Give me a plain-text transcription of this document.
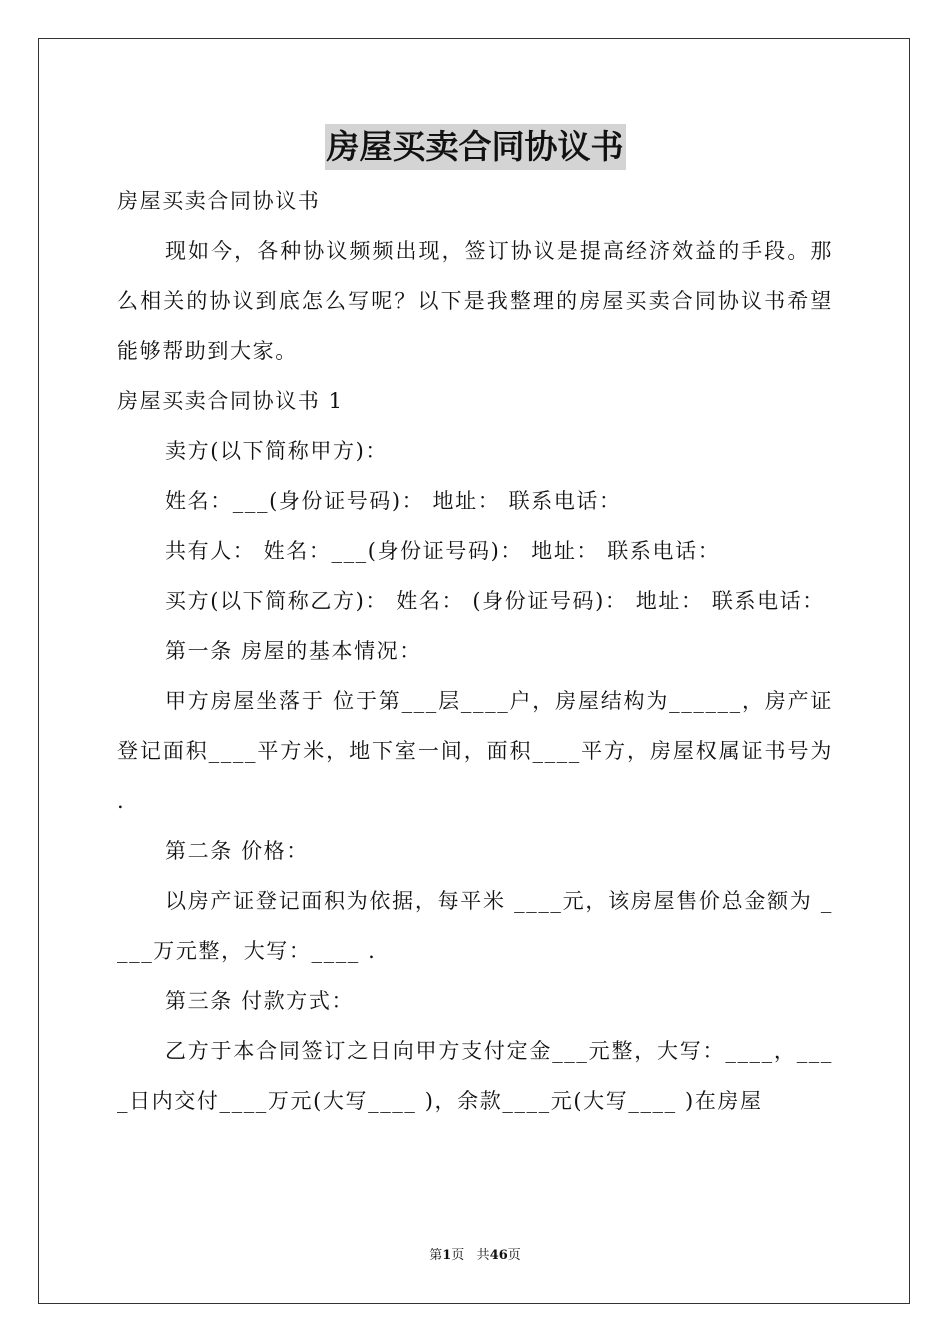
房屋买卖合同协议书

房屋买卖合同协议书

现如今，各种协议频频出现，签订协议是提高经济效益的手段。那么相关的协议到底怎么写呢？以下是我整理的房屋买卖合同协议书希望能够帮助到大家。

房屋买卖合同协议书 1

卖方(以下简称甲方)：

姓名：___(身份证号码)： 地址： 联系电话：

共有人： 姓名：___(身份证号码)： 地址： 联系电话：

买方(以下简称乙方)： 姓名： (身份证号码)： 地址： 联系电话：

第一条 房屋的基本情况：

甲方房屋坐落于 位于第___层____户，房屋结构为______，房产证登记面积____平方米，地下室一间，面积____平方，房屋权属证书号为 .

第二条 价格：

以房产证登记面积为依据，每平米 ____元，该房屋售价总金额为 ____万元整，大写：____ .

第三条 付款方式：

乙方于本合同签订之日向甲方支付定金___元整，大写：____，____日内交付____万元(大写____ )，余款____元(大写____ )在房屋

第1页 共46页
